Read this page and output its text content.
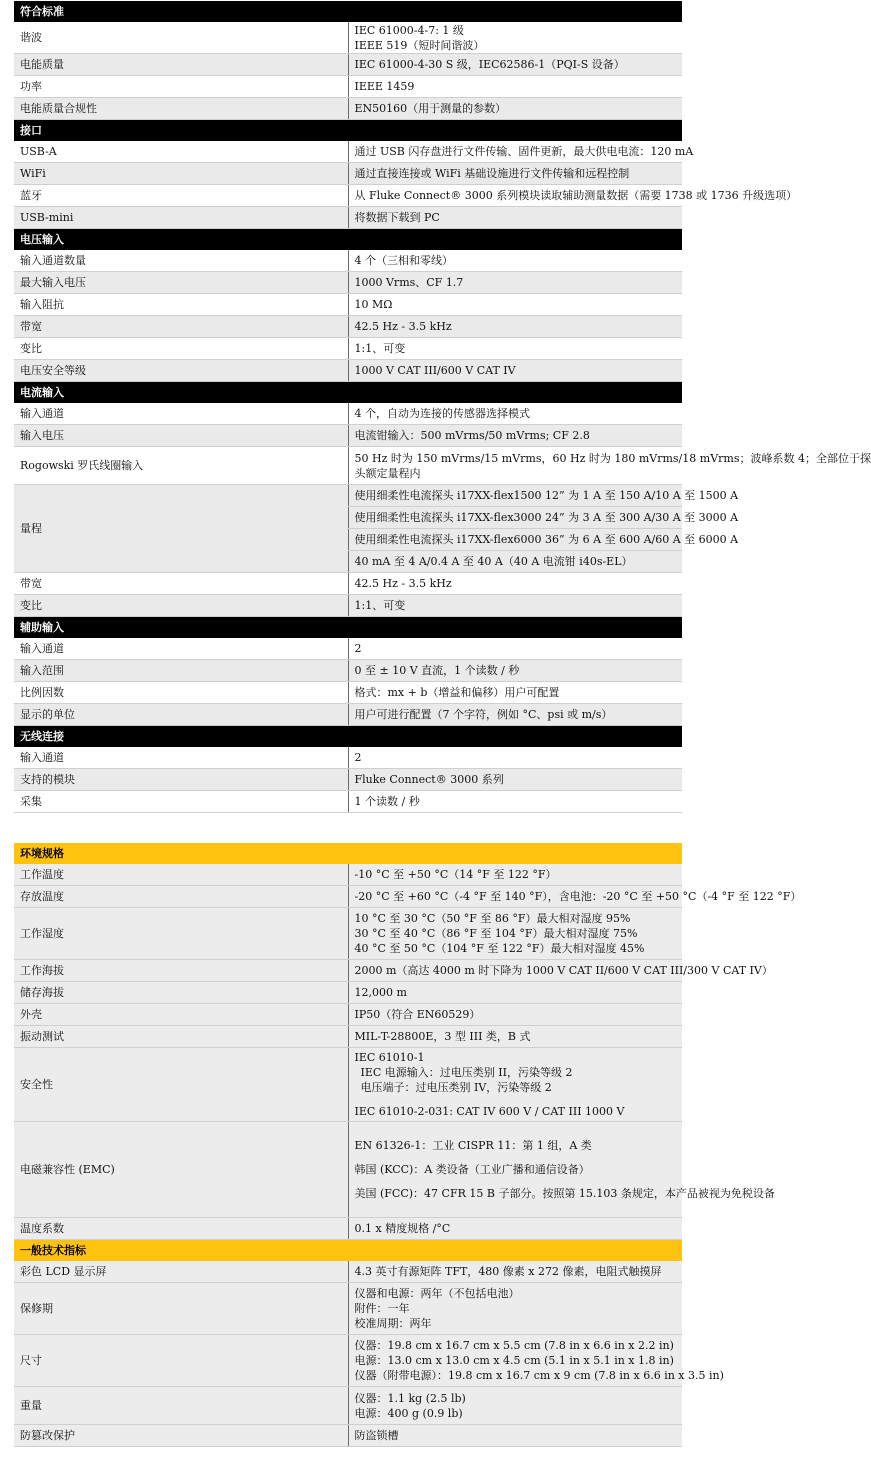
符合标准	
谐波	IEC 61000-4-7: 1 级
IEEE 519（短时间谐波）

电能质量	IEC 61000-4-30 S 级，IEC62586-1（PQI-S 设备）

功率	IEEE 1459

电能质量合规性	EN50160（用于测量的参数）

接口	
USB-A	通过 USB 闪存盘进行文件传输、固件更新，最大供电电流：120 mA

WiFi	通过直接连接或 WiFi 基础设施进行文件传输和远程控制

蓝牙	从 Fluke Connect® 3000 系列模块读取辅助测量数据（需要 1738 或 1736 升级选项）

USB-mini	将数据下载到 PC

电压输入	
输入通道数量	4 个（三相和零线）

最大输入电压	1000 Vrms、CF 1.7

输入阻抗	10 MΩ

带宽	42.5 Hz - 3.5 kHz

变比	1:1、可变

电压安全等级	1000 V CAT III/600 V CAT IV

电流输入	
输入通道	4 个，自动为连接的传感器选择模式

输入电压	电流钳输入：500 mVrms/50 mVrms; CF 2.8

Rogowski 罗氏线圈输入	50 Hz 时为 150 mVrms/15 mVrms，60 Hz 时为 180 mVrms/18 mVrms；波峰系数 4；全部位于探
头额定量程内

量程	使用细柔性电流探头 i17XX-flex1500 12” 为 1 A 至 150 A/10 A 至 1500 A

	使用细柔性电流探头 i17XX-flex3000 24” 为 3 A 至 300 A/30 A 至 3000 A

	使用细柔性电流探头 i17XX-flex6000 36” 为 6 A 至 600 A/60 A 至 6000 A

	40 mA 至 4 A/0.4 A 至 40 A（40 A 电流钳 i40s-EL）

带宽	42.5 Hz - 3.5 kHz

变比	1:1、可变

辅助输入	
输入通道	2

输入范围	0 至 ± 10 V 直流，1 个读数 / 秒

比例因数	格式：mx + b（增益和偏移）用户可配置

显示的单位	用户可进行配置（7 个字符，例如 °C、psi 或 m/s）

无线连接	
输入通道	2

支持的模块	Fluke Connect® 3000 系列

采集	1 个读数 / 秒
环境规格	
工作温度	-10 °C 至 +50 °C（14 °F 至 122 °F）

存放温度	-20 °C 至 +60 °C（-4 °F 至 140 °F），含电池：-20 °C 至 +50 °C（-4 °F 至 122 °F）

工作湿度	10 °C 至 30 °C（50 °F 至 86 °F）最大相对湿度 95%
30 °C 至 40 °C（86 °F 至 104 °F）最大相对湿度 75%
40 °C 至 50 °C（104 °F 至 122 °F）最大相对湿度 45%

工作海拔	2000 m（高达 4000 m 时下降为 1000 V CAT II/600 V CAT III/300 V CAT IV）

储存海拔	12,000 m

外壳	IP50（符合 EN60529）

振动测试	MIL-T-28800E，3 型 III 类，B 式

安全性	IEC 61010-1
IEC 电源输入：过电压类别 II，污染等级 2
电压端子：过电压类别 IV，污染等级 2
IEC 61010-2-031: CAT IV 600 V / CAT III 1000 V

电磁兼容性 (EMC)	EN 61326-1：工业 CISPR 11：第 1 组，A 类
韩国 (KCC)：A 类设备（工业广播和通信设备）
美国 (FCC)：47 CFR 15 B 子部分。按照第 15.103 条规定，本产品被视为免税设备

温度系数	0.1 x 精度规格 /°C

一般技术指标	
彩色 LCD 显示屏	4.3 英寸有源矩阵 TFT，480 像素 x 272 像素，电阻式触摸屏

保修期	仪器和电源：两年（不包括电池）
附件：一年
校准周期：两年

尺寸	仪器：19.8 cm x 16.7 cm x 5.5 cm (7.8 in x 6.6 in x 2.2 in)
电源：13.0 cm x 13.0 cm x 4.5 cm (5.1 in x 5.1 in x 1.8 in)
仪器（附带电源）：19.8 cm x 16.7 cm x 9 cm (7.8 in x 6.6 in x 3.5 in)

重量	仪器：1.1 kg (2.5 lb)
电源：400 g (0.9 lb)

防篡改保护	防盗锁槽
